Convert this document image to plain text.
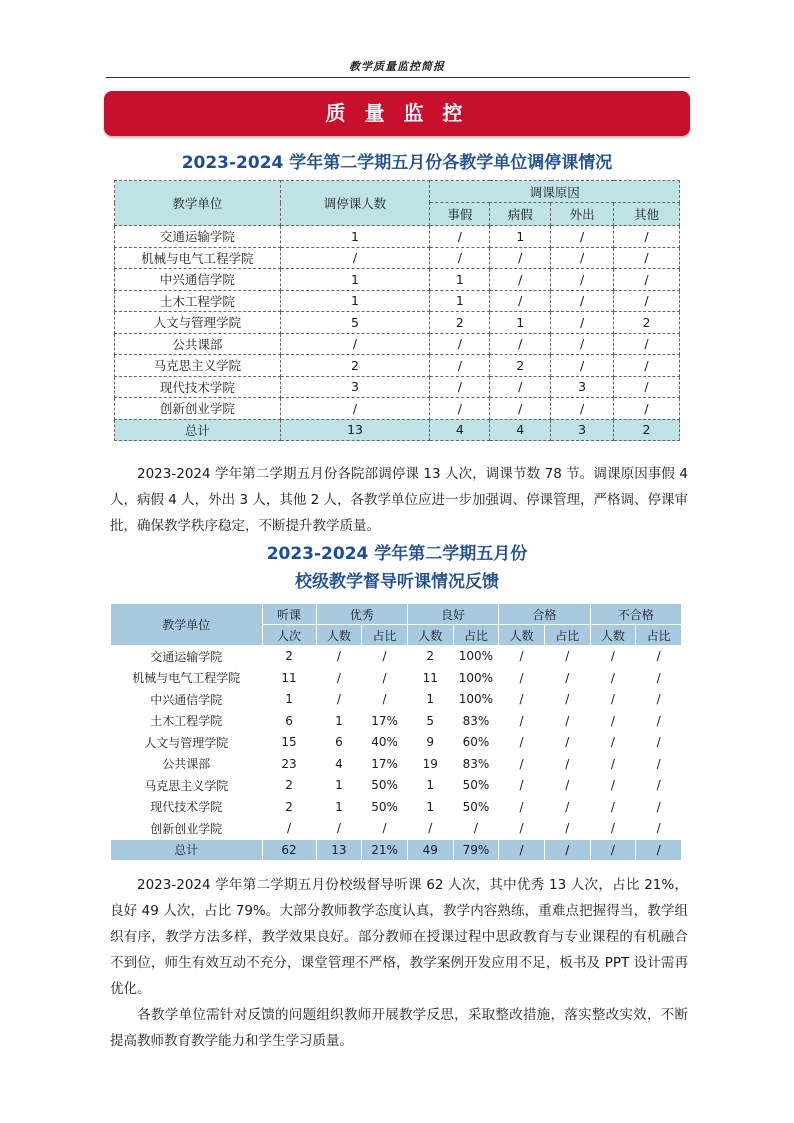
教学质量监控简报
质 量 监 控
2023-2024 学年第二学期五月份各教学单位调停课情况
教学单位	调停课人数	调课原因			
		事假	病假	外出	其他
交通运输学院	1	/	1	/	/
机械与电气工程学院	/	/	/	/	/
中兴通信学院	1	1	/	/	/
土木工程学院	1	1	/	/	/
人文与管理学院	5	2	1	/	2
公共课部	/	/	/	/	/
马克思主义学院	2	/	2	/	/
现代技术学院	3	/	/	3	/
创新创业学院	/	/	/	/	/
总计	13	4	4	3	2
2023-2024 学年第二学期五月份各院部调停课 13 人次，调课节数 78 节。调课原因事假 4 人，病假 4 人，外出 3 人，其他 2 人，各教学单位应进一步加强调、停课管理，严格调、停课审批，确保教学秩序稳定，不断提升教学质量。
2023-2024 学年第二学期五月份
校级教学督导听课情况反馈
教学单位	听课	优秀		良好		合格		不合格	
	人次	人数	占比	人数	占比	人数	占比	人数	占比
交通运输学院	2	/	/	2	100%	/	/	/	/
机械与电气工程学院	11	/	/	11	100%	/	/	/	/
中兴通信学院	1	/	/	1	100%	/	/	/	/
土木工程学院	6	1	17%	5	83%	/	/	/	/
人文与管理学院	15	6	40%	9	60%	/	/	/	/
公共课部	23	4	17%	19	83%	/	/	/	/
马克思主义学院	2	1	50%	1	50%	/	/	/	/
现代技术学院	2	1	50%	1	50%	/	/	/	/
创新创业学院	/	/	/	/	/	/	/	/	/
总计	62	13	21%	49	79%	/	/	/	/
2023-2024 学年第二学期五月份校级督导听课 62 人次，其中优秀 13 人次，占比 21%，良好 49 人次，占比 79%。大部分教师教学态度认真，教学内容熟练，重难点把握得当，教学组织有序，教学方法多样，教学效果良好。部分教师在授课过程中思政教育与专业课程的有机融合不到位，师生有效互动不充分，课堂管理不严格，教学案例开发应用不足，板书及 PPT 设计需再优化。
各教学单位需针对反馈的问题组织教师开展教学反思，采取整改措施，落实整改实效，不断提高教师教育教学能力和学生学习质量。
